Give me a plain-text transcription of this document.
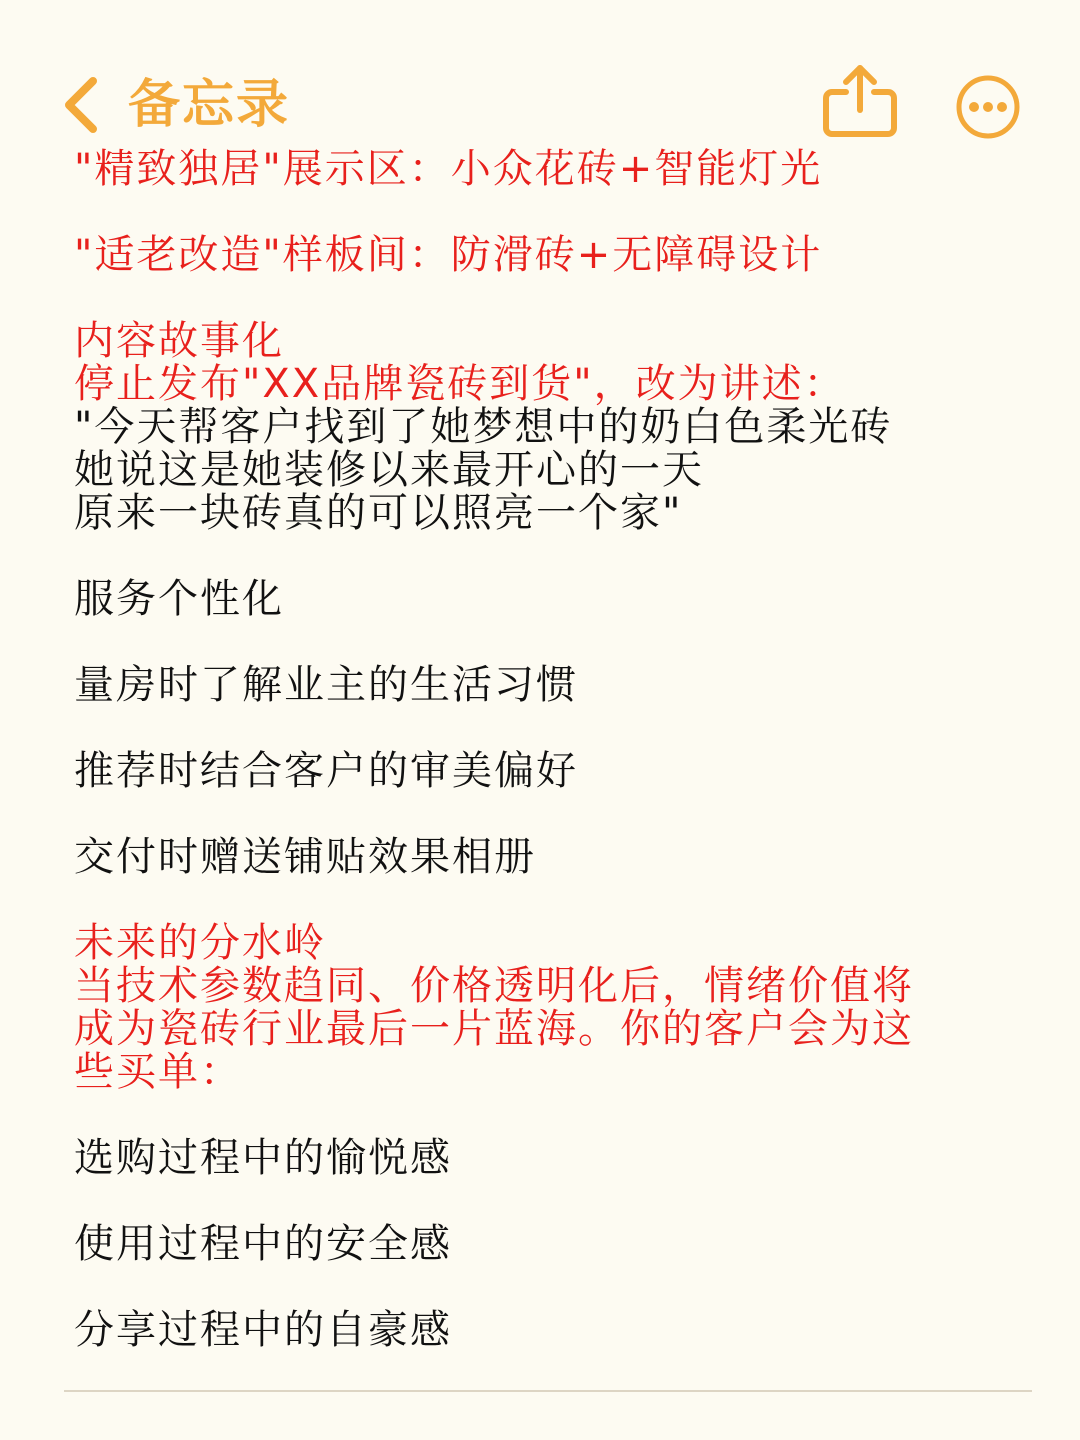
备忘录
"精致独居"展示区：小众花砖+智能灯光
"适老改造"样板间：防滑砖+无障碍设计
内容故事化
停止发布"XX品牌瓷砖到货"，改为讲述：
"今天帮客户找到了她梦想中的奶白色柔光砖
她说这是她装修以来最开心的一天
原来一块砖真的可以照亮一个家"
服务个性化
量房时了解业主的生活习惯
推荐时结合客户的审美偏好
交付时赠送铺贴效果相册
未来的分水岭
当技术参数趋同、价格透明化后，情绪价值将
成为瓷砖行业最后一片蓝海。你的客户会为这
些买单：
选购过程中的愉悦感
使用过程中的安全感
分享过程中的自豪感
